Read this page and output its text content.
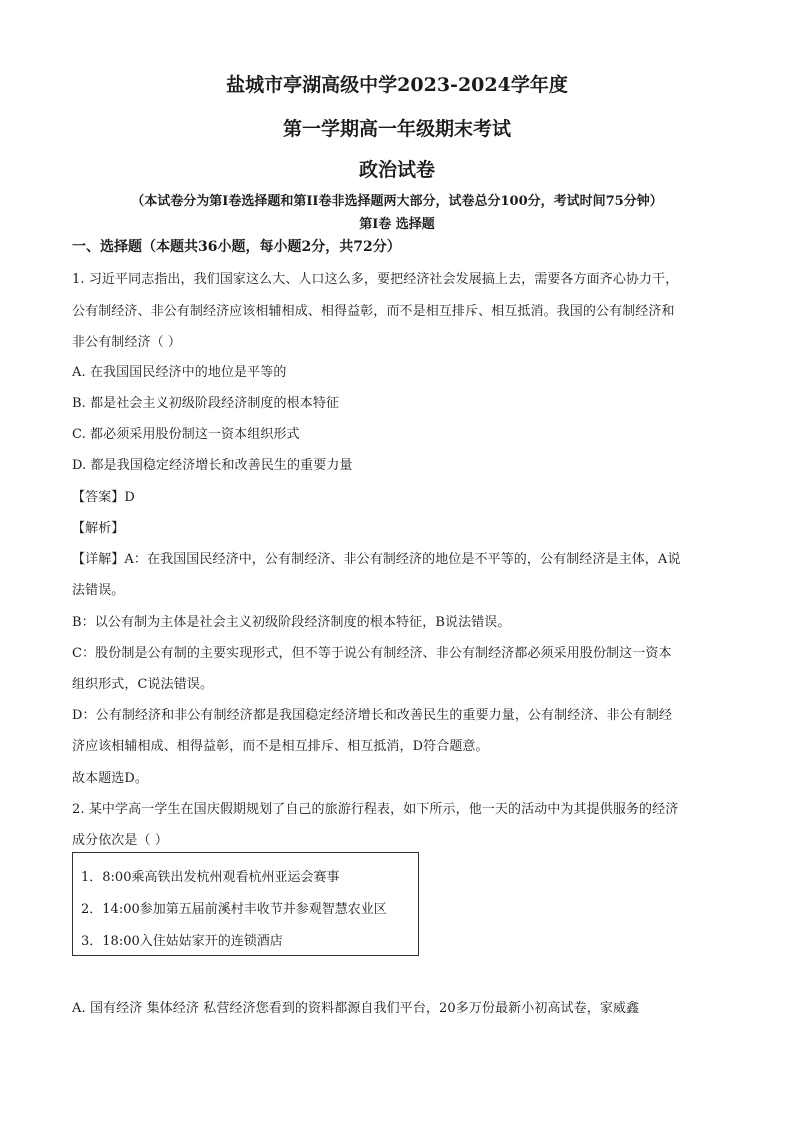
盐城市亭湖高级中学2023-2024学年度
第一学期高一年级期末考试
政治试卷
（本试卷分为第I卷选择题和第II卷非选择题两大部分，试卷总分100分，考试时间75分钟）
第I卷 选择题
一、选择题（本题共36小题，每小题2分，共72分）
1. 习近平同志指出，我们国家这么大、人口这么多，要把经济社会发展搞上去，需要各方面齐心协力干，
公有制经济、非公有制经济应该相辅相成、相得益彰，而不是相互排斥、相互抵消。我国的公有制经济和
非公有制经济（ ）
A. 在我国国民经济中的地位是平等的
B. 都是社会主义初级阶段经济制度的根本特征
C. 都必须采用股份制这一资本组织形式
D. 都是我国稳定经济增长和改善民生的重要力量
【答案】D
【解析】
【详解】A：在我国国民经济中，公有制经济、非公有制经济的地位是不平等的，公有制经济是主体，A说
法错误。
B：以公有制为主体是社会主义初级阶段经济制度的根本特征，B说法错误。
C：股份制是公有制的主要实现形式，但不等于说公有制经济、非公有制经济都必须采用股份制这一资本
组织形式，C说法错误。
D：公有制经济和非公有制经济都是我国稳定经济增长和改善民生的重要力量，公有制经济、非公有制经
济应该相辅相成、相得益彰，而不是相互排斥、相互抵消，D符合题意。
故本题选D。
2. 某中学高一学生在国庆假期规划了自己的旅游行程表，如下所示，他一天的活动中为其提供服务的经济
成分依次是（ ）
1．8:00乘高铁出发杭州观看杭州亚运会赛事
2．14:00参加第五届前溪村丰收节并参观智慧农业区
3．18:00入住姑姑家开的连锁酒店
A. 国有经济 集体经济 私营经济您看到的资料都源自我们平台，20多万份最新小初高试卷，家威鑫
